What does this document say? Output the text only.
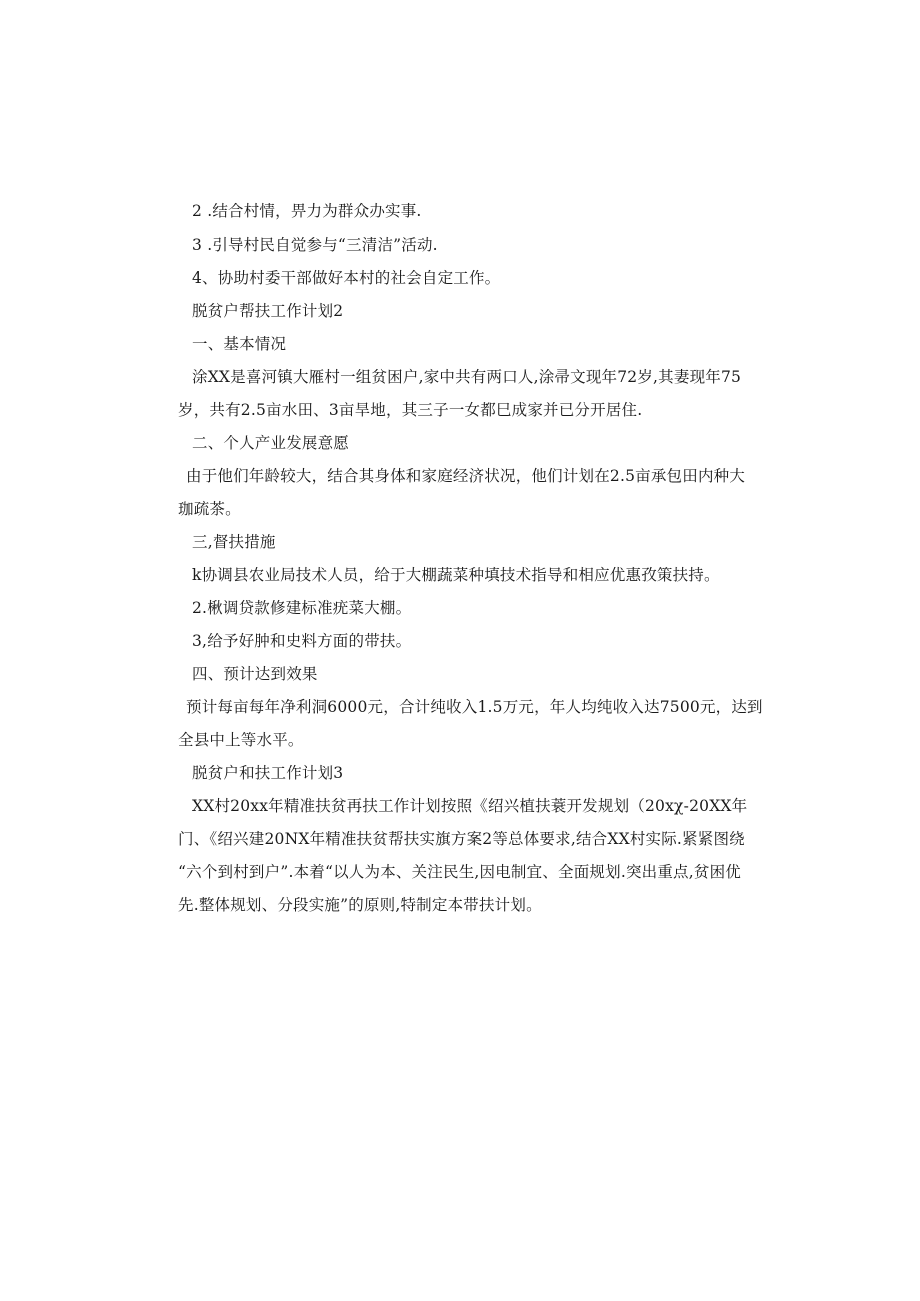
2 .结合村情，畀力为群众办实事.
3 .引导村民自觉参与“三清洁”活动.
4、协助村委干部做好本村的社会自定工作。
脱贫户帮扶工作计划2
一、基本情况
涂XX是喜河镇大雁村一组贫困户,家中共有两口人,涂帚文现年72岁,其妻现年75
岁，共有2.5亩水田、3亩旱地，其三子一女都巳成家并已分开居住.
二、个人产业发展意愿
由于他们年龄较大，结合其身体和家庭经济状况，他们计划在2.5亩承包田内种大
珈疏茶。
三,督扶措施
k协调县农业局技术人员，给于大棚蔬菜种填技术指导和相应优惠孜策扶持。
2.楸调贷款修建标准疣菜大棚。
3,给予好肿和史料方面的带扶。
四、预计达到效果
预计每亩每年净利洞6000元，合计纯收入1.5万元，年人均纯收入达7500元，达到
全县中上等水平。
脱贫户和扶工作计划3
XX村20xx年精准扶贫再扶工作计划按照《绍兴植扶蓑开发规划（20xχ-20XX年
门、《绍兴建20NX年精准扶贫帮扶实旗方案2等总体要求,结合XX村实际.紧紧图绕
“六个到村到户”.本着“以人为本、关注民生,因电制宜、全面规划.突出重点,贫困优
先.整体规划、分段实施”的原则,特制定本带扶计划。
